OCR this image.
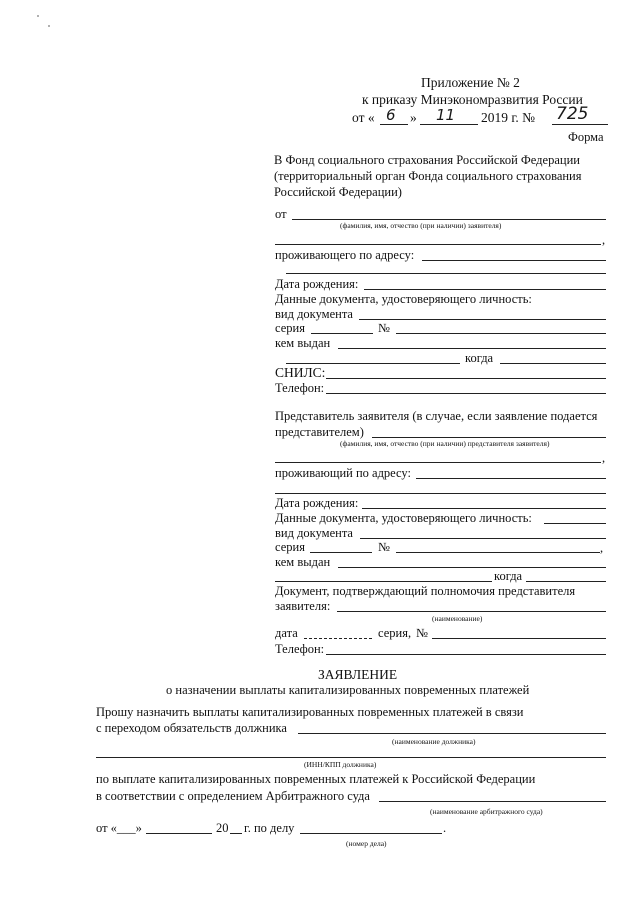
Приложение № 2
к приказу Минэкономразвития России
от « 6 » 11 2019 г. № 725
Форма
В Фонд социального страхования Российской Федерации
(территориальный орган Фонда социального страхования
Российской Федерации)
от
(фамилия, имя, отчество (при наличии) заявителя)
,
проживающего по адресу:
Дата рождения:
Данные документа, удостоверяющего личность:
вид документа
серия	№
кем выдан
когда
СНИЛС:
Телефон:
Представитель заявителя (в случае, если заявление подается
представителем)
(фамилия, имя, отчество (при наличии) представителя заявителя)
,
проживающий по адресу:
Дата рождения:
Данные документа, удостоверяющего личность:
вид документа
серия	№	,
кем выдан
когда
Документ, подтверждающий полномочия представителя
заявителя:
(наименование)
дата	серия, №
Телефон:
ЗАЯВЛЕНИЕ
о назначении выплаты капитализированных повременных платежей
Прошу назначить выплаты капитализированных повременных платежей в связи
с переходом обязательств должника
(наименование должника)
(ИНН/КПП должника)
по выплате капитализированных повременных платежей к Российской Федерации
в соответствии с определением Арбитражного суда
(наименование арбитражного суда)
от «___»	20 г. по делу	.
(номер дела)
